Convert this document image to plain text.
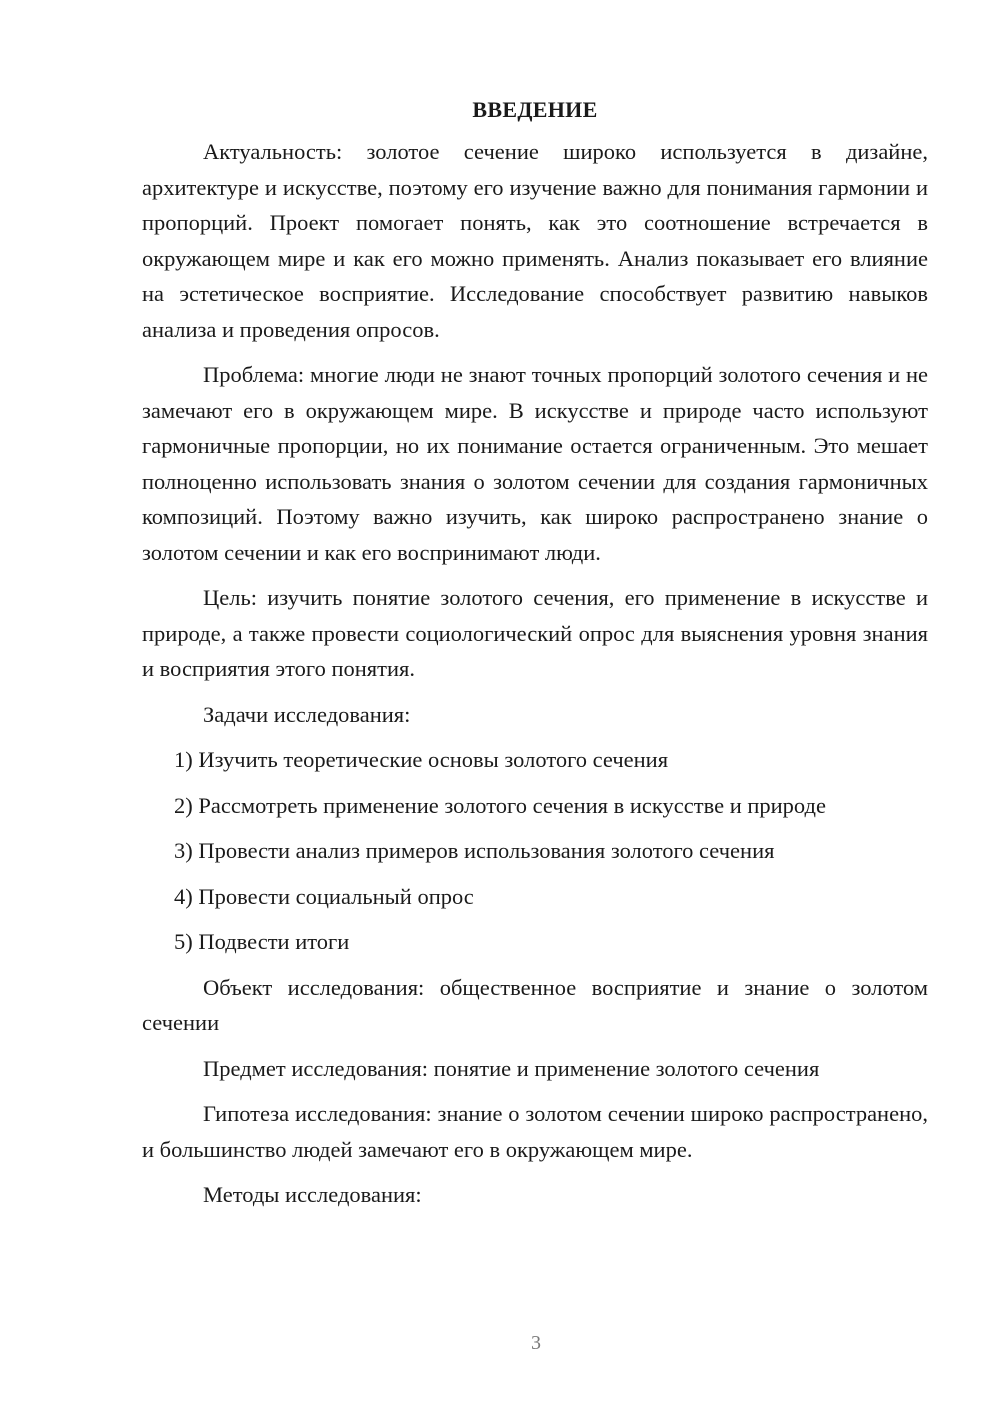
ВВЕДЕНИЕ

Актуальность: золотое сечение широко используется в дизайне, архитектуре и искусстве, поэтому его изучение важно для понимания гармонии и пропорций. Проект помогает понять, как это соотношение встречается в окружающем мире и как его можно применять. Анализ показывает его влияние на эстетическое восприятие. Исследование способствует развитию навыков анализа и проведения опросов.

Проблема: многие люди не знают точных пропорций золотого сечения и не замечают его в окружающем мире. В искусстве и природе часто используют гармоничные пропорции, но их понимание остается ограниченным. Это мешает полноценно использовать знания о золотом сечении для создания гармоничных композиций. Поэтому важно изучить, как широко распространено знание о золотом сечении и как его воспринимают люди.

Цель: изучить понятие золотого сечения, его применение в искусстве и природе, а также провести социологический опрос для выяснения уровня знания и восприятия этого понятия.

Задачи исследования:

1) Изучить теоретические основы золотого сечения
2) Рассмотреть применение золотого сечения в искусстве и природе
3) Провести анализ примеров использования золотого сечения
4) Провести социальный опрос
5) Подвести итоги

Объект исследования: общественное восприятие и знание о золотом сечении

Предмет исследования: понятие и применение золотого сечения

Гипотеза исследования: знание о золотом сечении широко распространено, и большинство людей замечают его в окружающем мире.

Методы исследования:

3
